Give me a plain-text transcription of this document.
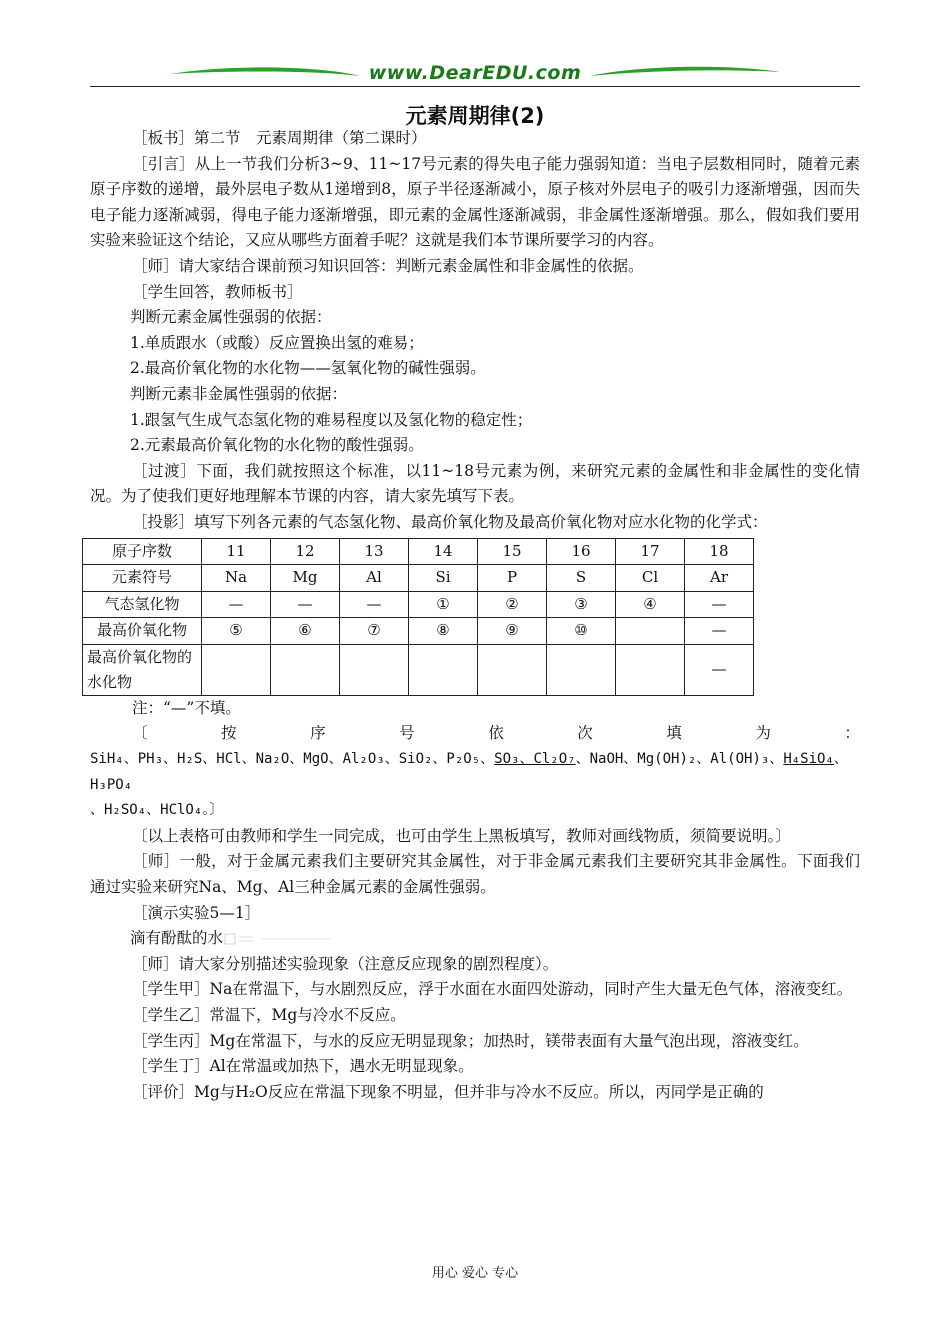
www.DearEDU.com
元素周期律(2)

［板书］第二节　元素周期律（第二课时）

［引言］从上一节我们分析3~9、11~17号元素的得失电子能力强弱知道：当电子层数相同时，随着元素原子序数的递增，最外层电子数从1递增到8，原子半径逐渐减小，原子核对外层电子的吸引力逐渐增强，因而失电子能力逐渐减弱，得电子能力逐渐增强，即元素的金属性逐渐减弱，非金属性逐渐增强。那么，假如我们要用实验来验证这个结论，又应从哪些方面着手呢？这就是我们本节课所要学习的内容。

［师］请大家结合课前预习知识回答：判断元素金属性和非金属性的依据。

［学生回答，教师板书］

判断元素金属性强弱的依据：

1.单质跟水（或酸）反应置换出氢的难易；

2.最高价氧化物的水化物——氢氧化物的碱性强弱。

判断元素非金属性强弱的依据：

1.跟氢气生成气态氢化物的难易程度以及氢化物的稳定性；

2.元素最高价氧化物的水化物的酸性强弱。

［过渡］下面，我们就按照这个标准，以11~18号元素为例，来研究元素的金属性和非金属性的变化情况。为了使我们更好地理解本节课的内容，请大家先填写下表。

［投影］填写下列各元素的气态氢化物、最高价氧化物及最高价氧化物对应水化物的化学式：

原子序数	11	12	13	14	15	16	17	18
元素符号	Na	Mg	Al	Si	P	S	Cl	Ar
气态氢化物	—	—	—	①	②	③	④	—
最高价氧化物	⑤	⑥	⑦	⑧	⑨	⑩		—
最高价氧化物的水化物								—

注：“—”不填。

〔	按	序	号	依	次	填	为	：

SiH₄、PH₃、H₂S、HCl、Na₂O、MgO、Al₂O₃、SiO₂、P₂O₅、SO₃、Cl₂O₇、NaOH、Mg(OH)₂、Al(OH)₃、H₄SiO₄、H₃PO₄

、H₂SO₄、HClO₄。〕

〔以上表格可由教师和学生一同完成，也可由学生上黑板填写，教师对画线物质，须简要说明。〕

［师］一般，对于金属元素我们主要研究其金属性，对于非金属元素我们主要研究其非金属性。下面我们通过实验来研究Na、Mg、Al三种金属元素的金属性强弱。

［演示实验5—1］

滴有酚酞的水

［师］请大家分别描述实验现象（注意反应现象的剧烈程度）。

［学生甲］Na在常温下，与水剧烈反应，浮于水面在水面四处游动，同时产生大量无色气体，溶液变红。

［学生乙］常温下，Mg与冷水不反应。

［学生丙］Mg在常温下，与水的反应无明显现象；加热时，镁带表面有大量气泡出现，溶液变红。

［学生丁］Al在常温或加热下，遇水无明显现象。

［评价］Mg与H₂O反应在常温下现象不明显，但并非与冷水不反应。所以，丙同学是正确的

用心 爱心 专心
